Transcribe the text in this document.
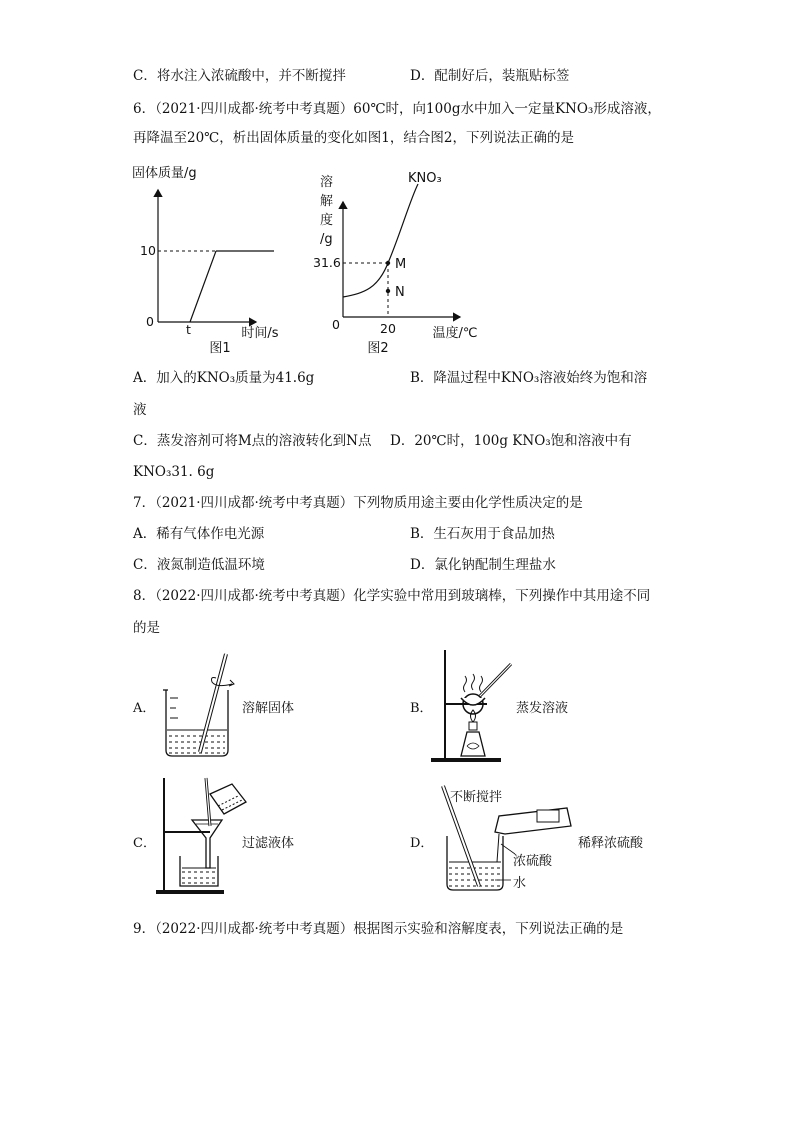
C．将水注入浓硫酸中，并不断搅拌	D．配制好后，装瓶贴标签
6．（2021·四川成都·统考中考真题）60℃时，向100g水中加入一定量KNO₃形成溶液，
再降温至20℃，析出固体质量的变化如图1，结合图2，下列说法正确的是
固体质量/g
10
0
t	时间/s
图1
溶
解
度
/g
M
N
KNO₃
31.6
0	20	温度/℃
图2
A．加入的KNO₃质量为41.6g	B．降温过程中KNO₃溶液始终为饱和溶
液
C．蒸发溶剂可将M点的溶液转化到N点 D．20℃时，100g KNO₃饱和溶液中有
KNO₃31. 6g
7．（2021·四川成都·统考中考真题）下列物质用途主要由化学性质决定的是
A．稀有气体作电光源	B．生石灰用于食品加热
C．液氮制造低温环境	D．氯化钠配制生理盐水
8．（2022·四川成都·统考中考真题）化学实验中常用到玻璃棒，下列操作中其用途不同
的是
A．	溶解固体	B．	蒸发溶液
C．	过滤液体	D．
不断搅拌
浓硫酸
水
稀释浓硫酸
9．（2022·四川成都·统考中考真题）根据图示实验和溶解度表，下列说法正确的是
